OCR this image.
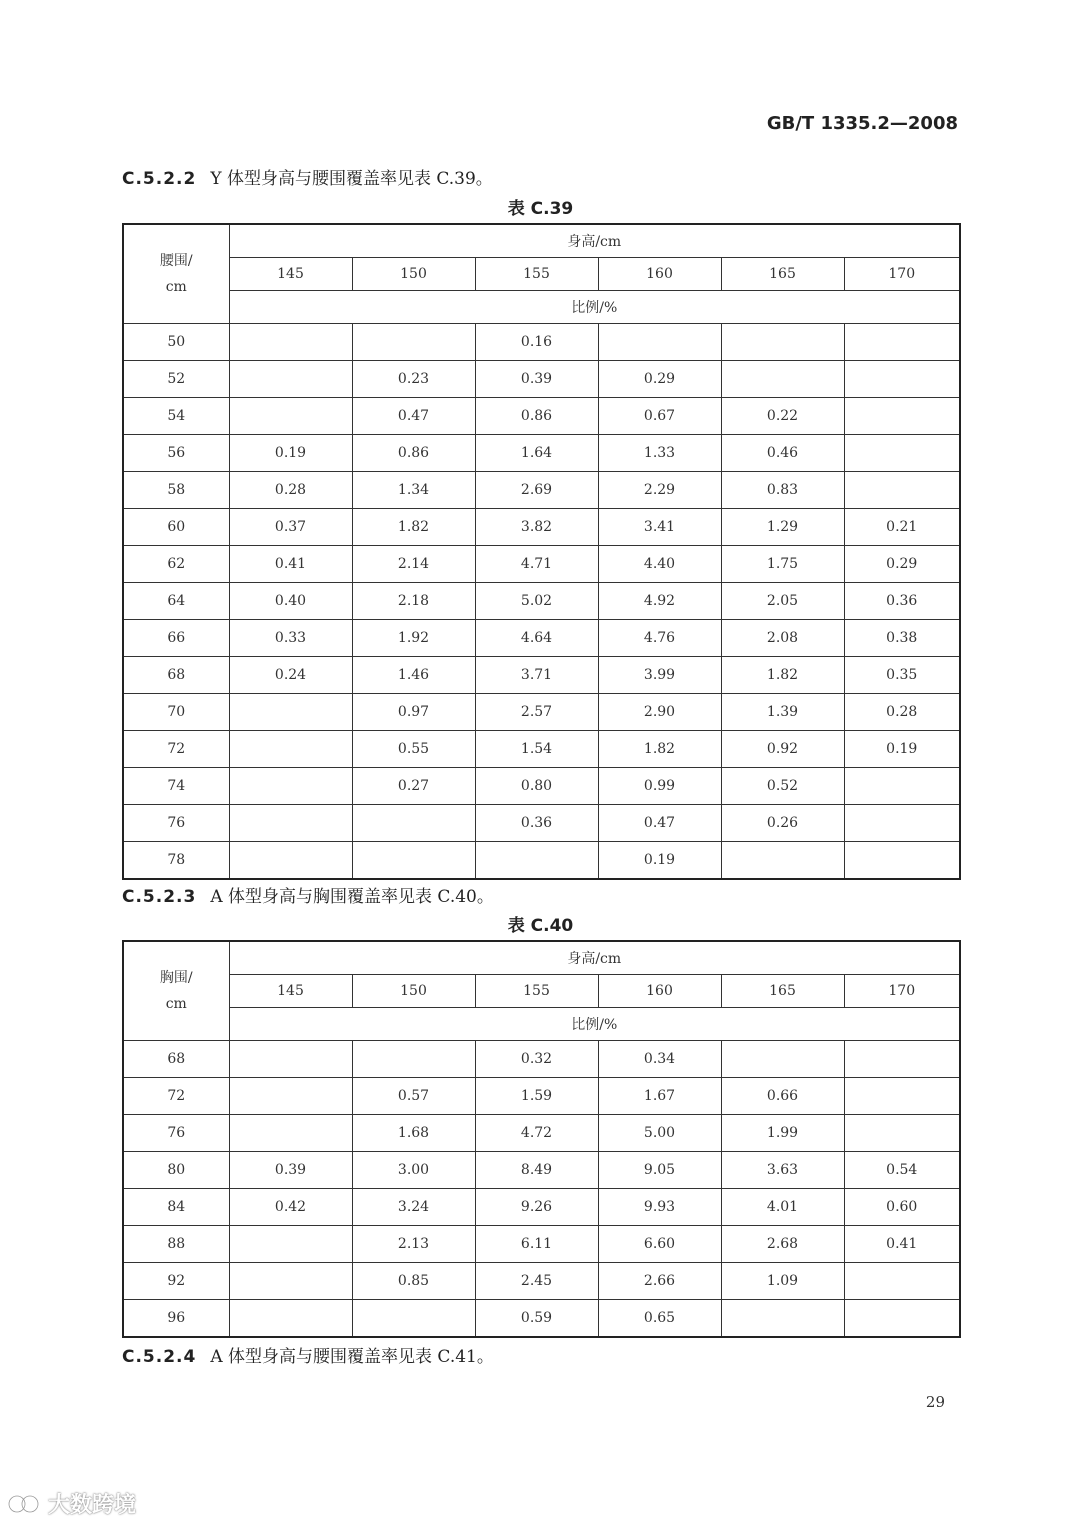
GB/T 1335.2—2008
C.5.2.2 Y 体型身高与腰围覆盖率见表 C.39。
表 C.39
腰围/
cm	身高/cm					
	145	150	155	160	165	170
	比例/%					
50			0.16			
52		0.23	0.39	0.29		
54		0.47	0.86	0.67	0.22	
56	0.19	0.86	1.64	1.33	0.46	
58	0.28	1.34	2.69	2.29	0.83	
60	0.37	1.82	3.82	3.41	1.29	0.21
62	0.41	2.14	4.71	4.40	1.75	0.29
64	0.40	2.18	5.02	4.92	2.05	0.36
66	0.33	1.92	4.64	4.76	2.08	0.38
68	0.24	1.46	3.71	3.99	1.82	0.35
70		0.97	2.57	2.90	1.39	0.28
72		0.55	1.54	1.82	0.92	0.19
74		0.27	0.80	0.99	0.52	
76			0.36	0.47	0.26	
78				0.19		
C.5.2.3 A 体型身高与胸围覆盖率见表 C.40。
表 C.40
胸围/
cm	身高/cm					
	145	150	155	160	165	170
	比例/%					
68			0.32	0.34		
72		0.57	1.59	1.67	0.66	
76		1.68	4.72	5.00	1.99	
80	0.39	3.00	8.49	9.05	3.63	0.54
84	0.42	3.24	9.26	9.93	4.01	0.60
88		2.13	6.11	6.60	2.68	0.41
92		0.85	2.45	2.66	1.09	
96			0.59	0.65		
C.5.2.4 A 体型身高与腰围覆盖率见表 C.41。
29
大数跨境
